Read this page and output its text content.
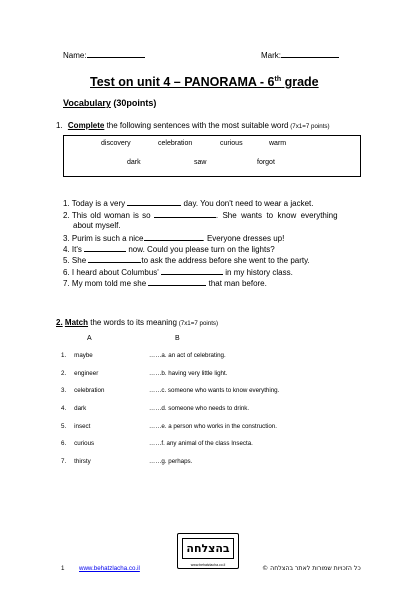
Name:	Mark:
Test on unit 4 – PANORAMA - 6th grade
Vocabulary (30points)
1. Complete the following sentences with the most suitable word (7x1=7 points)
discovery	celebration	curious	warm
dark	saw	forgot
1. Today is a very	day. You don't need to wear a jacket.
2. This old woman is so	. She wants to know everything
about myself.
3. Purim is such a nice	. Everyone dresses up!
4. It's	now. Could you please turn on the lights?
5. She	to ask the address before she went to the party.
6. I heard about Columbus'	in my history class.
7. My mom told me she	that man before.
2. Match the words to its meaning (7x1=7 points)
A	B
1. maybe	……a. an act of celebrating.
2. engineer	……b. having very little light.
3. celebration	……c. someone who wants to know everything.
4. dark	……d. someone who needs to drink.
5. insect	……e. a person who works in the construction.
6. curious	……f. any animal of the class Insecta.
7. thirsty	……g. perhaps.
בהצלחה
www.behatzlacha.co.il
1 www.behatzlacha.co.il	כל הזכויות שמורות לאתר בהצלחה ©
